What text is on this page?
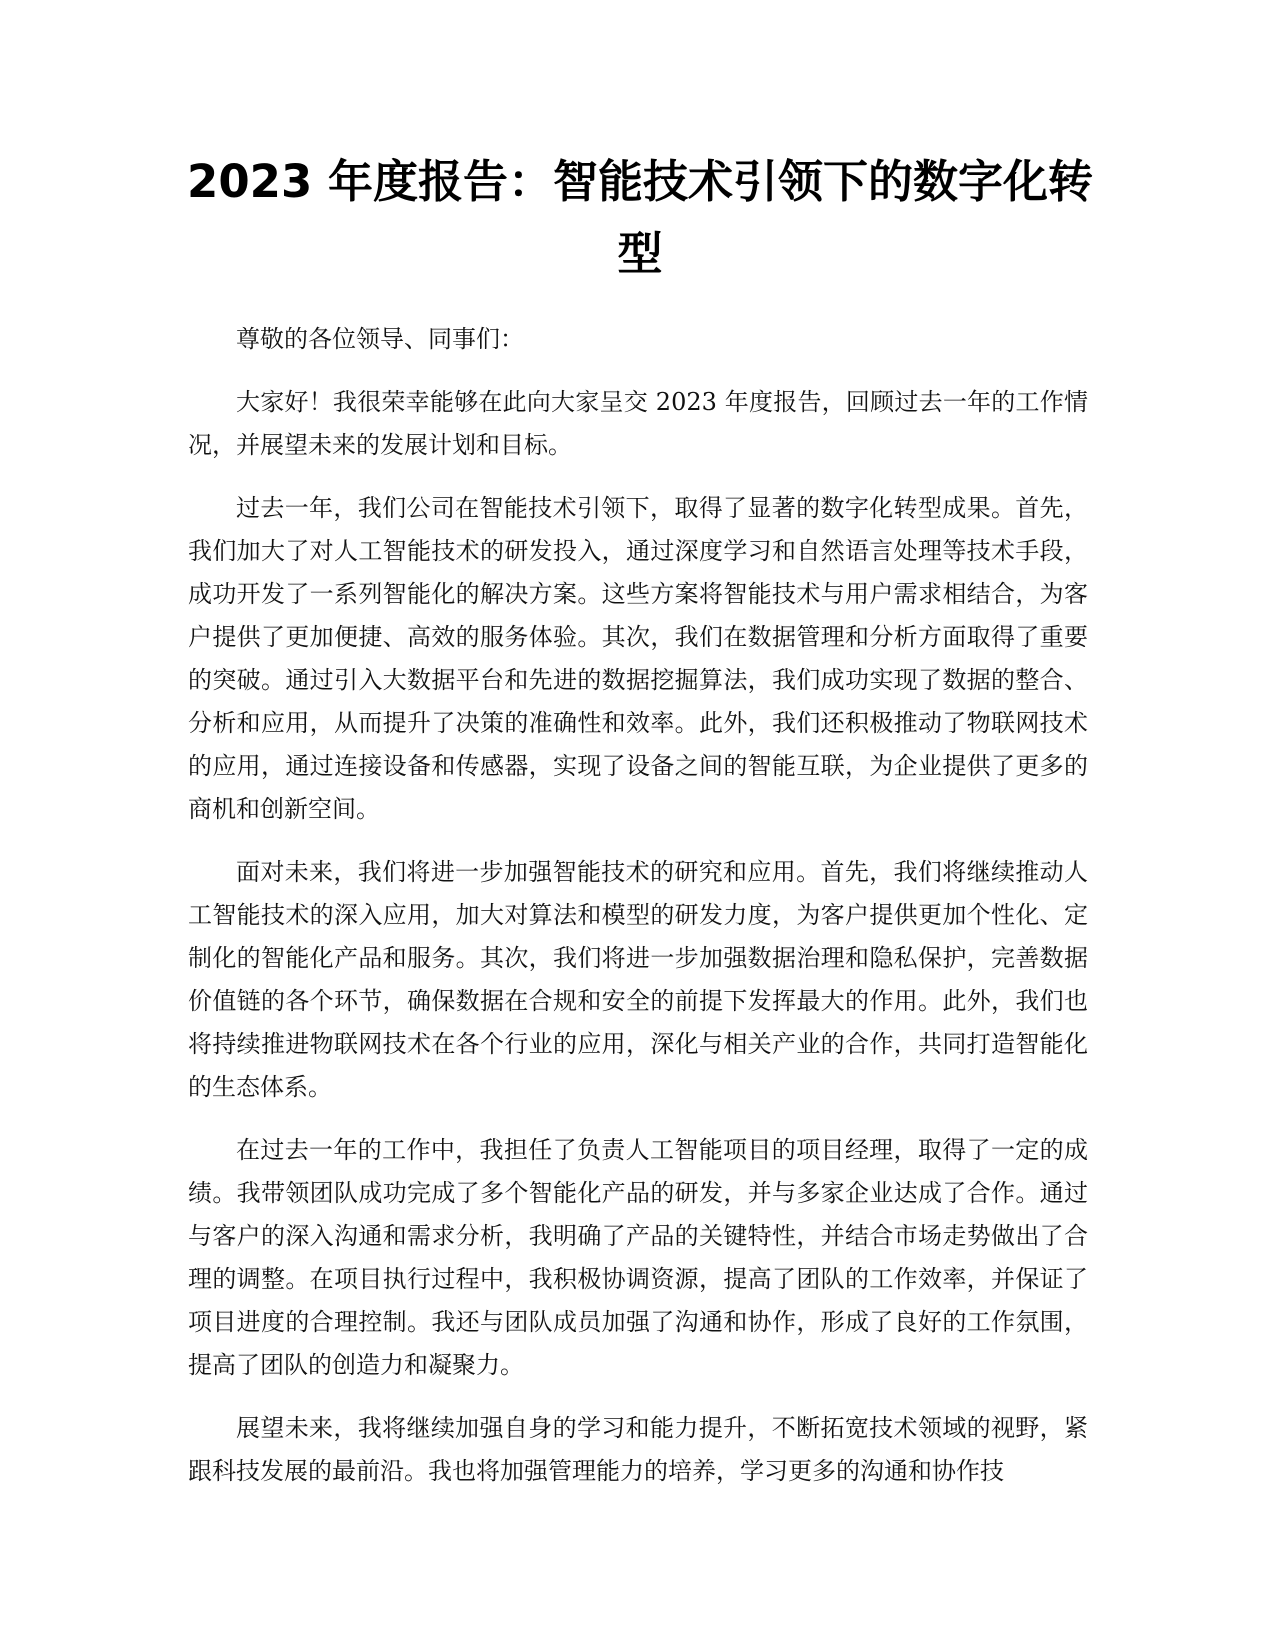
2023 年度报告：智能技术引领下的数字化转型

尊敬的各位领导、同事们：

大家好！我很荣幸能够在此向大家呈交 2023 年度报告，回顾过去一年的工作情况，并展望未来的发展计划和目标。

过去一年，我们公司在智能技术引领下，取得了显著的数字化转型成果。首先，我们加大了对人工智能技术的研发投入，通过深度学习和自然语言处理等技术手段，成功开发了一系列智能化的解决方案。这些方案将智能技术与用户需求相结合，为客户提供了更加便捷、高效的服务体验。其次，我们在数据管理和分析方面取得了重要的突破。通过引入大数据平台和先进的数据挖掘算法，我们成功实现了数据的整合、分析和应用，从而提升了决策的准确性和效率。此外，我们还积极推动了物联网技术的应用，通过连接设备和传感器，实现了设备之间的智能互联，为企业提供了更多的商机和创新空间。

面对未来，我们将进一步加强智能技术的研究和应用。首先，我们将继续推动人工智能技术的深入应用，加大对算法和模型的研发力度，为客户提供更加个性化、定制化的智能化产品和服务。其次，我们将进一步加强数据治理和隐私保护，完善数据价值链的各个环节，确保数据在合规和安全的前提下发挥最大的作用。此外，我们也将持续推进物联网技术在各个行业的应用，深化与相关产业的合作，共同打造智能化的生态体系。

在过去一年的工作中，我担任了负责人工智能项目的项目经理，取得了一定的成绩。我带领团队成功完成了多个智能化产品的研发，并与多家企业达成了合作。通过与客户的深入沟通和需求分析，我明确了产品的关键特性，并结合市场走势做出了合理的调整。在项目执行过程中，我积极协调资源，提高了团队的工作效率，并保证了项目进度的合理控制。我还与团队成员加强了沟通和协作，形成了良好的工作氛围，提高了团队的创造力和凝聚力。

展望未来，我将继续加强自身的学习和能力提升，不断拓宽技术领域的视野，紧跟科技发展的最前沿。我也将加强管理能力的培养，学习更多的沟通和协作技
